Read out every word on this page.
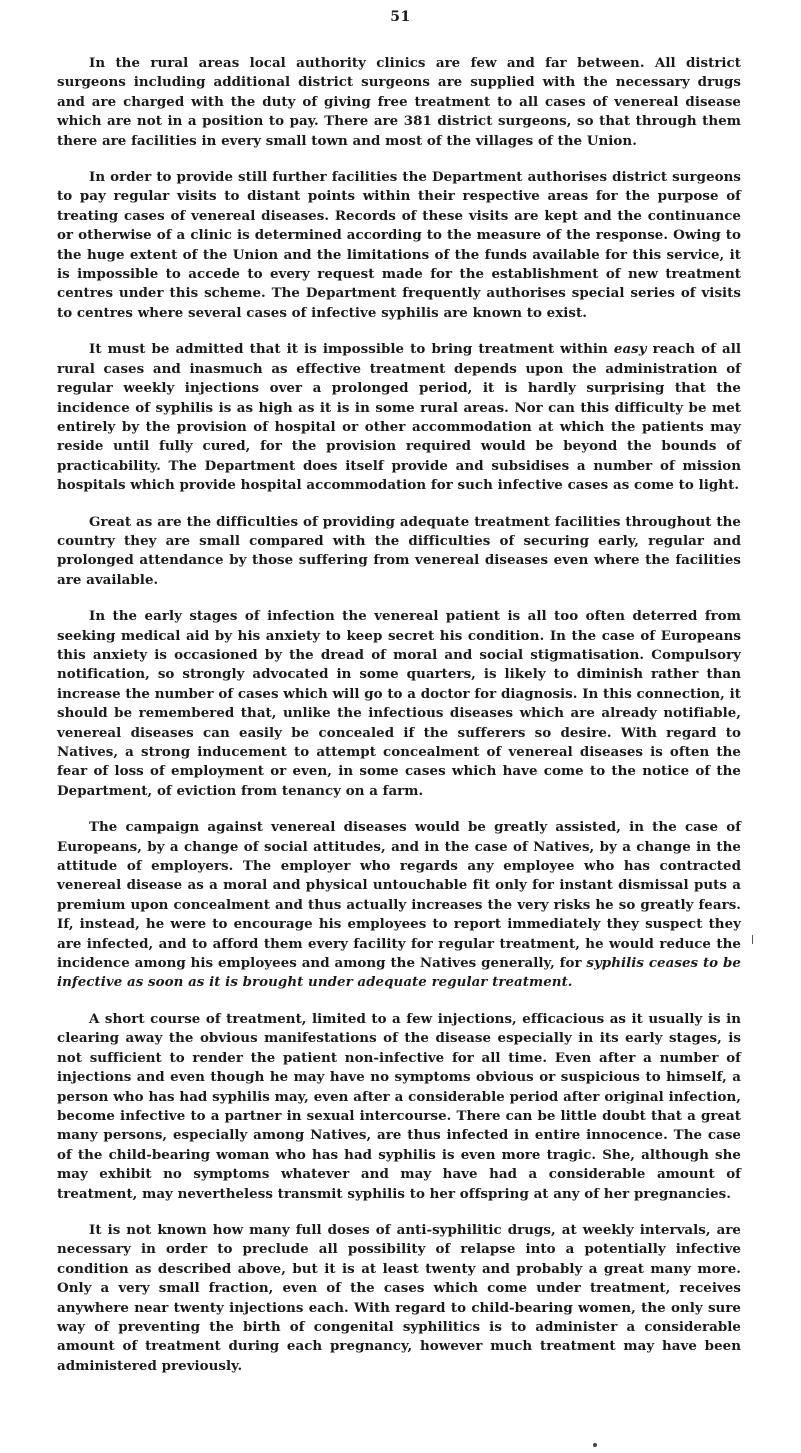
51

In the rural areas local authority clinics are few and far between. All district surgeons including additional district surgeons are supplied with the necessary drugs and are charged with the duty of giving free treatment to all cases of venereal disease which are not in a position to pay. There are 381 district surgeons, so that through them there are facilities in every small town and most of the villages of the Union.

In order to provide still further facilities the Department authorises district surgeons to pay regular visits to distant points within their respective areas for the purpose of treating cases of venereal diseases. Records of these visits are kept and the continuance or otherwise of a clinic is determined according to the measure of the response. Owing to the huge extent of the Union and the limitations of the funds available for this service, it is impossible to accede to every request made for the establishment of new treatment centres under this scheme. The Department frequently authorises special series of visits to centres where several cases of infective syphilis are known to exist.

It must be admitted that it is impossible to bring treatment within easy reach of all rural cases and inasmuch as effective treatment depends upon the administration of regular weekly injections over a prolonged period, it is hardly surprising that the incidence of syphilis is as high as it is in some rural areas. Nor can this difficulty be met entirely by the provision of hospital or other accommodation at which the patients may reside until fully cured, for the provision required would be beyond the bounds of practicability. The Department does itself provide and subsidises a number of mission hospitals which provide hospital accommodation for such infective cases as come to light.

Great as are the difficulties of providing adequate treatment facilities throughout the country they are small compared with the difficulties of securing early, regular and prolonged attendance by those suffering from venereal diseases even where the facilities are available.

In the early stages of infection the venereal patient is all too often deterred from seeking medical aid by his anxiety to keep secret his condition. In the case of Europeans this anxiety is occasioned by the dread of moral and social stigmatisation. Compulsory notification, so strongly advocated in some quarters, is likely to diminish rather than increase the number of cases which will go to a doctor for diagnosis. In this connection, it should be remembered that, unlike the infectious diseases which are already notifiable, venereal diseases can easily be concealed if the sufferers so desire. With regard to Natives, a strong inducement to attempt concealment of venereal diseases is often the fear of loss of employment or even, in some cases which have come to the notice of the Department, of eviction from tenancy on a farm.

The campaign against venereal diseases would be greatly assisted, in the case of Europeans, by a change of social attitudes, and in the case of Natives, by a change in the attitude of employers. The employer who regards any employee who has contracted venereal disease as a moral and physical untouchable fit only for instant dismissal puts a premium upon concealment and thus actually increases the very risks he so greatly fears. If, instead, he were to encourage his employees to report immediately they suspect they are infected, and to afford them every facility for regular treatment, he would reduce the incidence among his employees and among the Natives generally, for syphilis ceases to be infective as soon as it is brought under adequate regular treatment.

A short course of treatment, limited to a few injections, efficacious as it usually is in clearing away the obvious manifestations of the disease especially in its early stages, is not sufficient to render the patient non-infective for all time. Even after a number of injections and even though he may have no symptoms obvious or suspicious to himself, a person who has had syphilis may, even after a considerable period after original infection, become infective to a partner in sexual intercourse. There can be little doubt that a great many persons, especially among Natives, are thus infected in entire innocence. The case of the child-bearing woman who has had syphilis is even more tragic. She, although she may exhibit no symptoms whatever and may have had a considerable amount of treatment, may nevertheless transmit syphilis to her offspring at any of her pregnancies.

It is not known how many full doses of anti-syphilitic drugs, at weekly intervals, are necessary in order to preclude all possibility of relapse into a potentially infective condition as described above, but it is at least twenty and probably a great many more. Only a very small fraction, even of the cases which come under treatment, receives anywhere near twenty injections each. With regard to child-bearing women, the only sure way of preventing the birth of congenital syphilitics is to administer a considerable amount of treatment during each pregnancy, however much treatment may have been administered previously.
